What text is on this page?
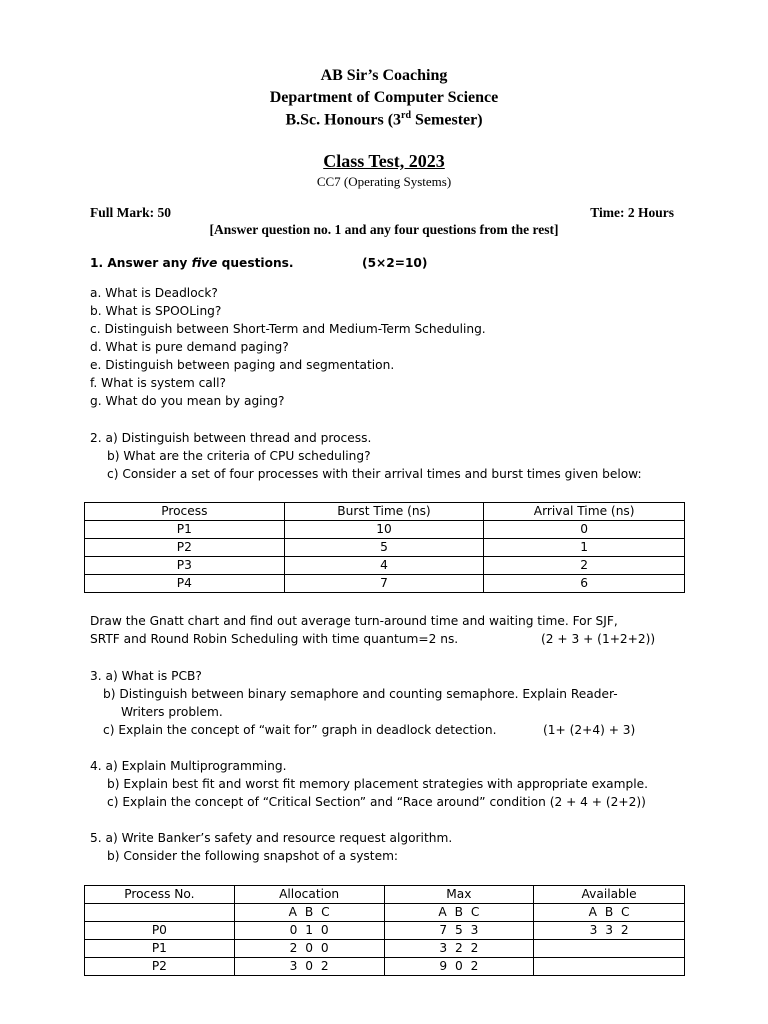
AB Sir’s Coaching
Department of Computer Science
B.Sc. Honours (3rd Semester)
Class Test, 2023
CC7 (Operating Systems)
Full Mark: 50	Time: 2 Hours
[Answer question no. 1 and any four questions from the rest]
1. Answer any five questions.	(5×2=10)
a. What is Deadlock?
b. What is SPOOLing?
c. Distinguish between Short-Term and Medium-Term Scheduling.
d. What is pure demand paging?
e. Distinguish between paging and segmentation.
f. What is system call?
g. What do you mean by aging?
2. a) Distinguish between thread and process.
b) What are the criteria of CPU scheduling?
c) Consider a set of four processes with their arrival times and burst times given below:
Process	Burst Time (ns)	Arrival Time (ns)
P1	10	0
P2	5	1
P3	4	2
P4	7	6
Draw the Gnatt chart and find out average turn-around time and waiting time. For SJF,
SRTF and Round Robin Scheduling with time quantum=2 ns.	(2 + 3 + (1+2+2))
3. a) What is PCB?
b) Distinguish between binary semaphore and counting semaphore. Explain Reader-
Writers problem.
c) Explain the concept of “wait for” graph in deadlock detection.	(1+ (2+4) + 3)
4. a) Explain Multiprogramming.
b) Explain best fit and worst fit memory placement strategies with appropriate example.
c) Explain the concept of “Critical Section” and “Race around” condition (2 + 4 + (2+2))
5. a) Write Banker’s safety and resource request algorithm.
b) Consider the following snapshot of a system:
Process No.	Allocation	Max	Available
	A B C	A B C	A B C
P0	0 1 0	7 5 3	3 3 2
P1	2 0 0	3 2 2	
P2	3 0 2	9 0 2	
